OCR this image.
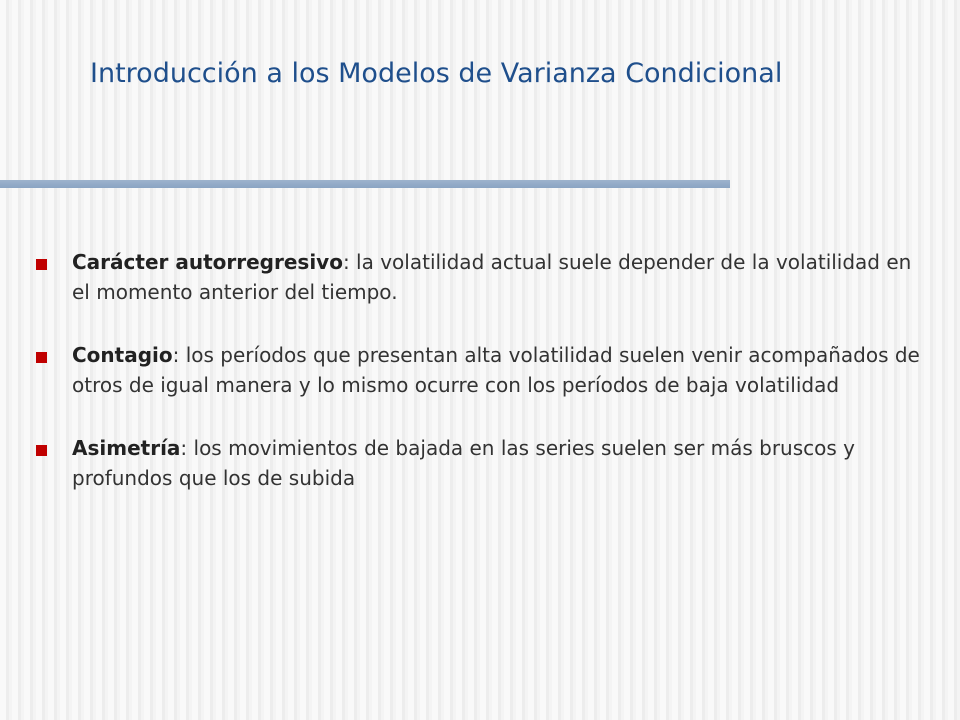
Introducción a los Modelos de Varianza Condicional
Carácter autorregresivo: la volatilidad actual suele depender de la volatilidad en el momento anterior del tiempo.
Contagio: los períodos que presentan alta volatilidad suelen venir acompañados de otros de igual manera y lo mismo ocurre con los períodos de baja volatilidad
Asimetría: los movimientos de bajada en las series suelen ser más bruscos y profundos que los de subida
